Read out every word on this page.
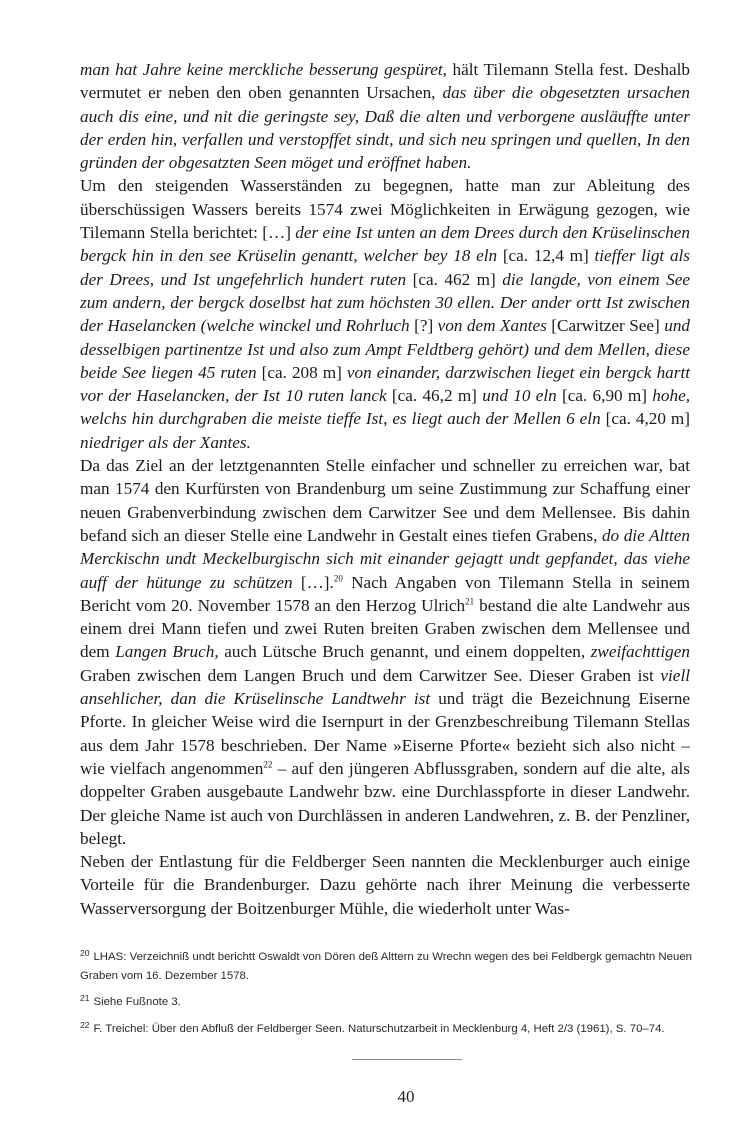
man hat Jahre keine merckliche besserung gespüret, hält Tilemann Stella fest. Deshalb vermutet er neben den oben genannten Ursachen, das über die obgesetzten ursachen auch dis eine, und nit die geringste sey, Daß die alten und verborgene ausläuffte unter der erden hin, verfallen und verstopffet sindt, und sich neu springen und quellen, In den gründen der obgesatzten Seen möget und eröffnet haben.

Um den steigenden Wasserständen zu begegnen, hatte man zur Ableitung des überschüssigen Wassers bereits 1574 zwei Möglichkeiten in Erwägung gezogen, wie Tilemann Stella berichtet: […] der eine Ist unten an dem Drees durch den Krüselinschen bergck hin in den see Krüselin genantt, welcher bey 18 eln [ca. 12,4 m] tieffer ligt als der Drees, und Ist ungefehrlich hundert ruten [ca. 462 m] die langde, von einem See zum andern, der bergck doselbst hat zum höchsten 30 ellen. Der ander ortt Ist zwischen der Haselancken (welche winckel und Rohrluch [?] von dem Xantes [Carwitzer See] und desselbigen partinentze Ist und also zum Ampt Feldtberg gehört) und dem Mellen, diese beide See liegen 45 ruten [ca. 208 m] von einander, darzwischen lieget ein bergck hartt vor der Haselancken, der Ist 10 ruten lanck [ca. 46,2 m] und 10 eln [ca. 6,90 m] hohe, welchs hin durchgraben die meiste tieffe Ist, es liegt auch der Mellen 6 eln [ca. 4,20 m] niedriger als der Xantes.

Da das Ziel an der letztgenannten Stelle einfacher und schneller zu erreichen war, bat man 1574 den Kurfürsten von Brandenburg um seine Zustimmung zur Schaffung einer neuen Grabenverbindung zwischen dem Carwitzer See und dem Mellensee. Bis dahin befand sich an dieser Stelle eine Landwehr in Gestalt eines tiefen Grabens, do die Altten Merckischn undt Meckelburgischn sich mit einander gejagtt undt gepfandet, das viehe auff der hütunge zu schützen […].$^{20}$ Nach Angaben von Tilemann Stella in seinem Bericht vom 20. November 1578 an den Herzog Ulrich$^{21}$ bestand die alte Landwehr aus einem drei Mann tiefen und zwei Ruten breiten Graben zwischen dem Mellensee und dem Langen Bruch, auch Lütsche Bruch genannt, und einem doppelten, zweifachttigen Graben zwischen dem Langen Bruch und dem Carwitzer See. Dieser Graben ist viell ansehlicher, dan die Krüselinsche Landtwehr ist und trägt die Bezeichnung Eiserne Pforte. In gleicher Weise wird die Isernpurt in der Grenzbeschreibung Tilemann Stellas aus dem Jahr 1578 beschrieben. Der Name »Eiserne Pforte« bezieht sich also nicht – wie vielfach angenommen$^{22}$ – auf den jüngeren Abflussgraben, sondern auf die alte, als doppelter Graben ausgebaute Landwehr bzw. eine Durchlasspforte in dieser Landwehr. Der gleiche Name ist auch von Durchlässen in anderen Landwehren, z. B. der Penzliner, belegt.

Neben der Entlastung für die Feldberger Seen nannten die Mecklenburger auch einige Vorteile für die Brandenburger. Dazu gehörte nach ihrer Meinung die verbesserte Wasserversorgung der Boitzenburger Mühle, die wiederholt unter Was-

$^{20}$ LHAS: Verzeichniß undt berichtt Oswaldt von Dören deß Alttern zu Wrechn wegen des bei Feldbergk gemachtn Neuen Graben vom 16. Dezember 1578.

$^{21}$ Siehe Fußnote 3.

$^{22}$ F. Treichel: Über den Abfluß der Feldberger Seen. Naturschutzarbeit in Mecklenburg 4, Heft 2/3 (1961), S. 70–74.

40
